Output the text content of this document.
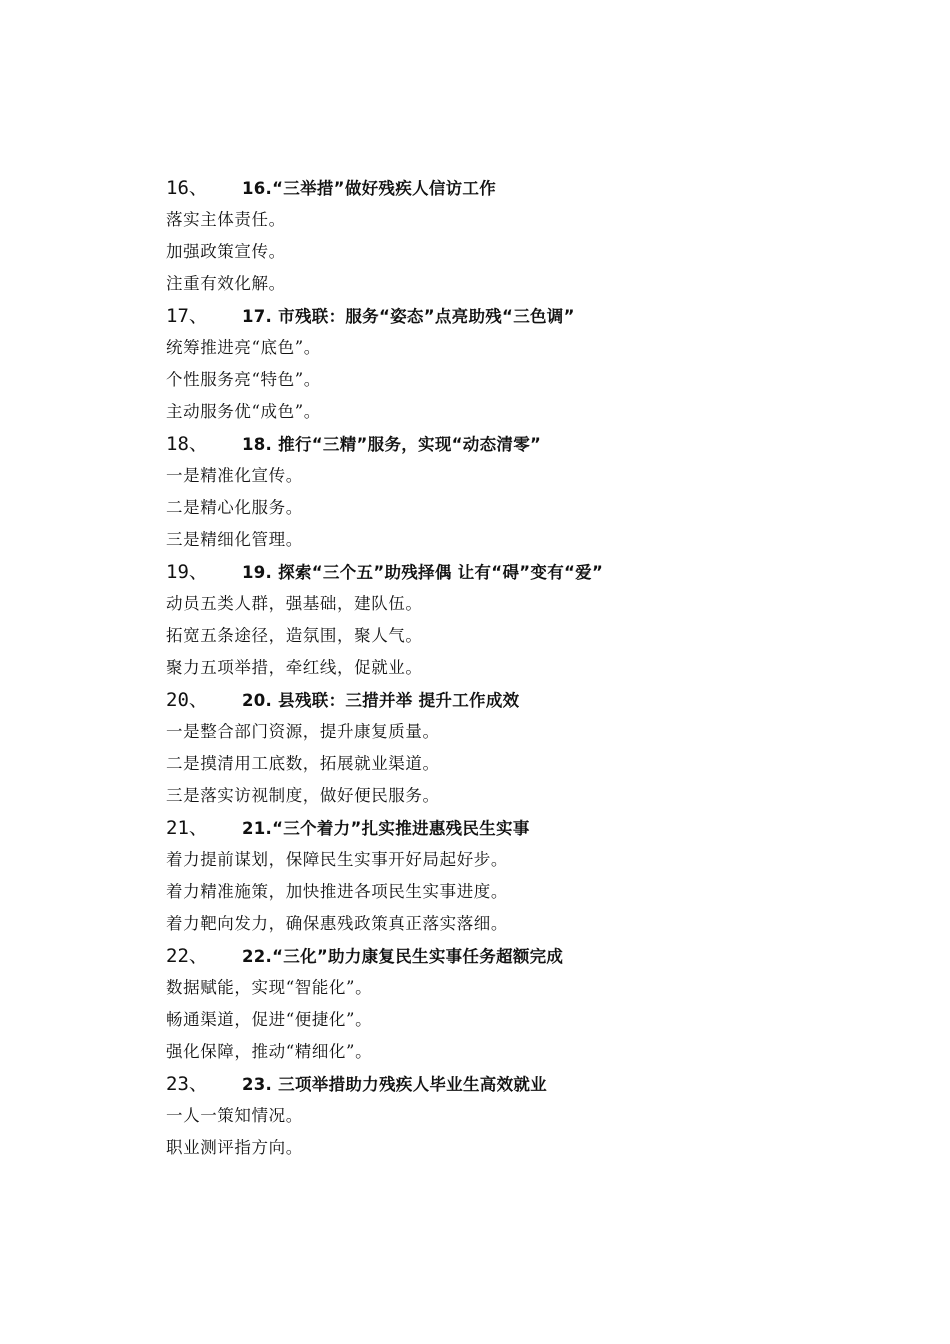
16、 16.“三举措”做好残疾人信访工作
落实主体责任。
加强政策宣传。
注重有效化解。
17、 17. 市残联：服务“姿态”点亮助残“三色调”
统筹推进亮“底色”。
个性服务亮“特色”。
主动服务优“成色”。
18、 18. 推行“三精”服务，实现“动态清零”
一是精准化宣传。
二是精心化服务。
三是精细化管理。
19、 19. 探索“三个五”助残择偶 让有“碍”变有“爱”
动员五类人群，强基础，建队伍。
拓宽五条途径，造氛围，聚人气。
聚力五项举措，牵红线，促就业。
20、 20. 县残联：三措并举 提升工作成效
一是整合部门资源，提升康复质量。
二是摸清用工底数，拓展就业渠道。
三是落实访视制度，做好便民服务。
21、 21.“三个着力”扎实推进惠残民生实事
着力提前谋划，保障民生实事开好局起好步。
着力精准施策，加快推进各项民生实事进度。
着力靶向发力，确保惠残政策真正落实落细。
22、 22.“三化”助力康复民生实事任务超额完成
数据赋能，实现“智能化”。
畅通渠道，促进“便捷化”。
强化保障，推动“精细化”。
23、 23. 三项举措助力残疾人毕业生高效就业
一人一策知情况。
职业测评指方向。
